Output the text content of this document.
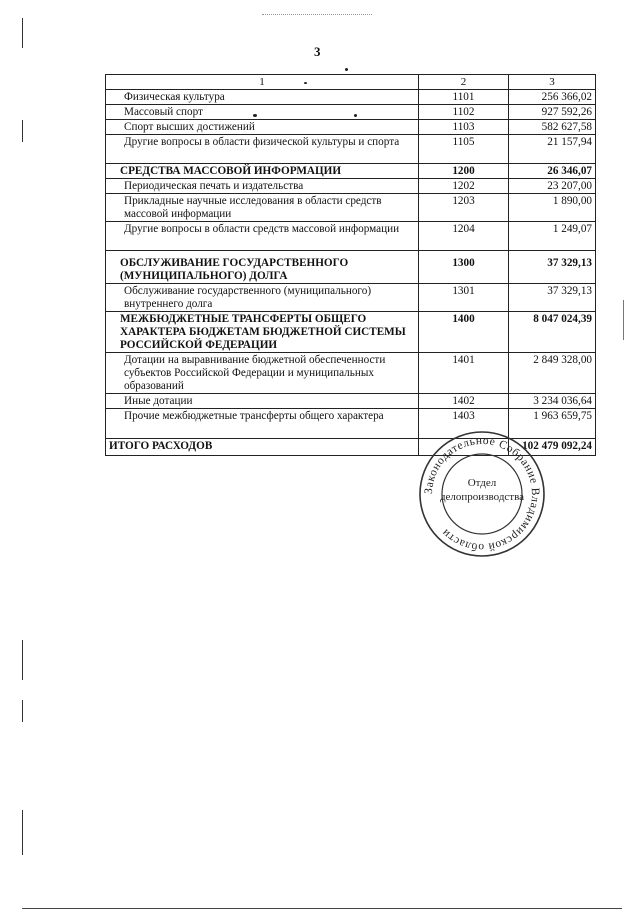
3
1	2	3
Физическая культура	1101	256 366,02
Массовый спорт	1102	927 592,26
Спорт высших достижений	1103	582 627,58
Другие вопросы в области физической культуры и спорта	1105	21 157,94
СРЕДСТВА МАССОВОЙ ИНФОРМАЦИИ	1200	26 346,07
Периодическая печать и издательства	1202	23 207,00
Прикладные научные исследования в области средств массовой информации	1203	1 890,00
Другие вопросы в области средств массовой информации	1204	1 249,07
ОБСЛУЖИВАНИЕ ГОСУДАРСТВЕННОГО (МУНИЦИПАЛЬНОГО) ДОЛГА	1300	37 329,13
Обслуживание государственного (муниципального) внутреннего долга	1301	37 329,13
МЕЖБЮДЖЕТНЫЕ ТРАНСФЕРТЫ ОБЩЕГО ХАРАКТЕРА БЮДЖЕТАМ БЮДЖЕТНОЙ СИСТЕМЫ РОССИЙСКОЙ ФЕДЕРАЦИИ	1400	8 047 024,39
Дотации на выравнивание бюджетной обеспеченности субъектов Российской Федерации и муниципальных образований	1401	2 849 328,00
Иные дотации	1402	3 234 036,64
Прочие межбюджетные трансферты общего характера	1403	1 963 659,75
ИТОГО РАСХОДОВ		102 479 092,24
Законодательное Собрание Владимирской области
Отдел
делопроизводства
